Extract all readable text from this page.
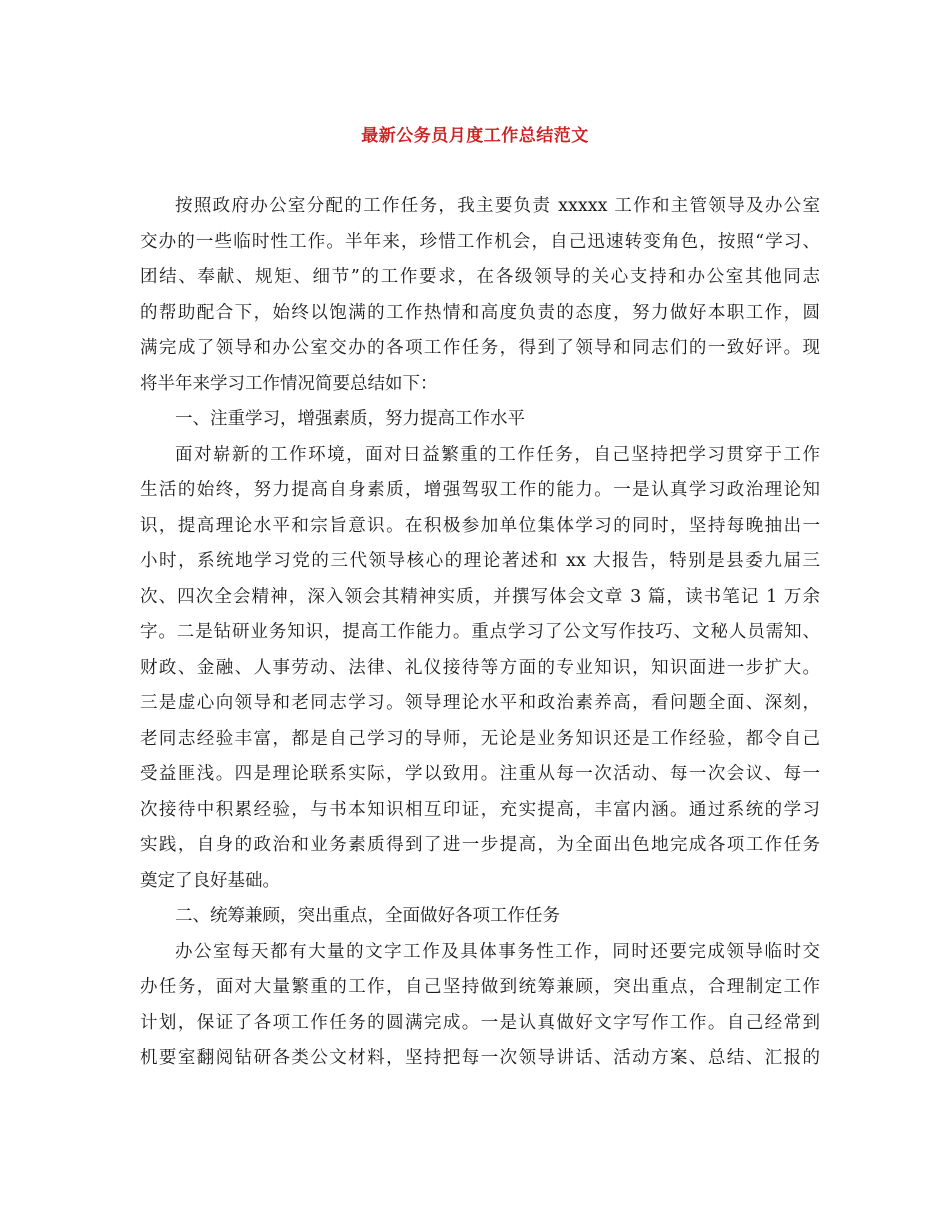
最新公务员月度工作总结范文
按照政府办公室分配的工作任务，我主要负责 xxxxx 工作和主管领导及办公室
交办的一些临时性工作。半年来，珍惜工作机会，自己迅速转变角色，按照“学习、
团结、奉献、规矩、细节”的工作要求，在各级领导的关心支持和办公室其他同志
的帮助配合下，始终以饱满的工作热情和高度负责的态度，努力做好本职工作，圆
满完成了领导和办公室交办的各项工作任务，得到了领导和同志们的一致好评。现
将半年来学习工作情况简要总结如下：
一、注重学习，增强素质，努力提高工作水平
面对崭新的工作环境，面对日益繁重的工作任务，自己坚持把学习贯穿于工作
生活的始终，努力提高自身素质，增强驾驭工作的能力。一是认真学习政治理论知
识，提高理论水平和宗旨意识。在积极参加单位集体学习的同时，坚持每晚抽出一
小时，系统地学习党的三代领导核心的理论著述和 xx 大报告，特别是县委九届三
次、四次全会精神，深入领会其精神实质，并撰写体会文章 3 篇，读书笔记 1 万余
字。二是钻研业务知识，提高工作能力。重点学习了公文写作技巧、文秘人员需知、
财政、金融、人事劳动、法律、礼仪接待等方面的专业知识，知识面进一步扩大。
三是虚心向领导和老同志学习。领导理论水平和政治素养高，看问题全面、深刻，
老同志经验丰富，都是自己学习的导师，无论是业务知识还是工作经验，都令自己
受益匪浅。四是理论联系实际，学以致用。注重从每一次活动、每一次会议、每一
次接待中积累经验，与书本知识相互印证，充实提高，丰富内涵。通过系统的学习
实践，自身的政治和业务素质得到了进一步提高，为全面出色地完成各项工作任务
奠定了良好基础。
二、统筹兼顾，突出重点，全面做好各项工作任务
办公室每天都有大量的文字工作及具体事务性工作，同时还要完成领导临时交
办任务，面对大量繁重的工作，自己坚持做到统筹兼顾，突出重点，合理制定工作
计划，保证了各项工作任务的圆满完成。一是认真做好文字写作工作。自己经常到
机要室翻阅钻研各类公文材料，坚持把每一次领导讲话、活动方案、总结、汇报的
